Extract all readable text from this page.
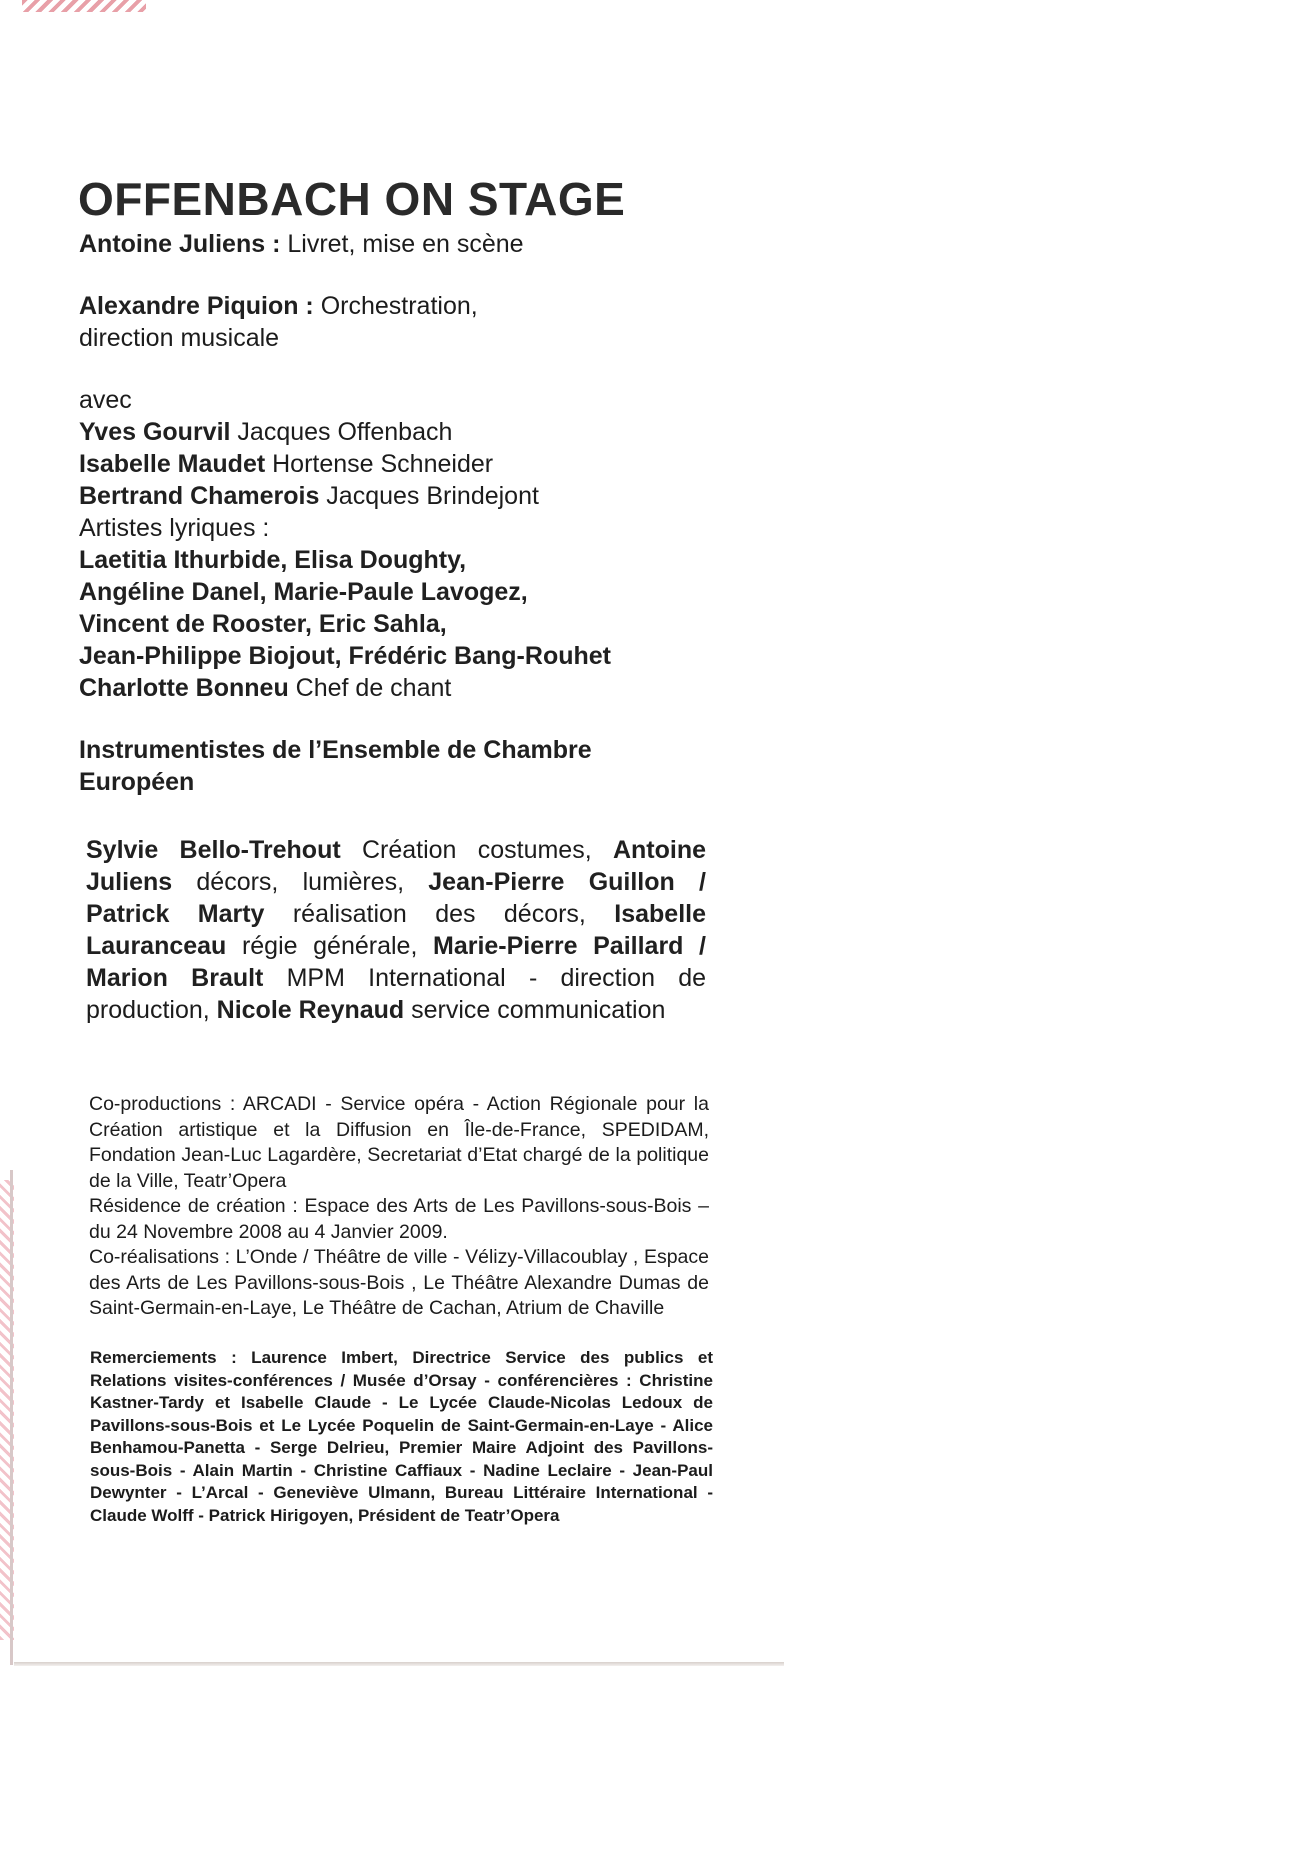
OFFENBACH ON STAGE

Antoine Juliens : Livret, mise en scène

Alexandre Piquion : Orchestration, direction musicale

avec

Yves Gourvil Jacques Offenbach

Isabelle Maudet Hortense Schneider

Bertrand Chamerois Jacques Brindejont

Artistes lyriques :

Laetitia Ithurbide, Elisa Doughty,

Angéline Danel, Marie-Paule Lavogez,

Vincent de Rooster, Eric Sahla,

Jean-Philippe Biojout, Frédéric Bang-Rouhet

Charlotte Bonneu Chef de chant

Instrumentistes de l’Ensemble de Chambre Européen

Sylvie Bello-Trehout Création costumes, Antoine Juliens décors, lumières, Jean-Pierre Guillon / Patrick Marty réalisation des décors, Isabelle Lauranceau régie générale, Marie-Pierre Paillard / Marion Brault MPM International - direction de production, Nicole Reynaud service communication

Co-productions : ARCADI - Service opéra - Action Régionale pour la Création artistique et la Diffusion en Île-de-France, SPEDIDAM, Fondation Jean-Luc Lagardère, Secretariat d’Etat chargé de la politique de la Ville, Teatr’Opera

Résidence de création : Espace des Arts de Les Pavillons-sous-Bois – du 24 Novembre 2008 au 4 Janvier 2009.

Co-réalisations : L’Onde / Théâtre de ville - Vélizy-Villacoublay , Espace des Arts de Les Pavillons-sous-Bois , Le Théâtre Alexandre Dumas de Saint-Germain-en-Laye, Le Théâtre de Cachan, Atrium de Chaville

Remerciements : Laurence Imbert, Directrice Service des publics et Relations visites-conférences / Musée d’Orsay - conférencières : Christine Kastner-Tardy et Isabelle Claude - Le Lycée Claude-Nicolas Ledoux de Pavillons-sous-Bois et Le Lycée Poquelin de Saint-Germain-en-Laye - Alice Benhamou-Panetta - Serge Delrieu, Premier Maire Adjoint des Pavillons-sous-Bois - Alain Martin - Christine Caffiaux - Nadine Leclaire - Jean-Paul Dewynter - L’Arcal - Geneviève Ulmann, Bureau Littéraire International - Claude Wolff - Patrick Hirigoyen, Président de Teatr’Opera
